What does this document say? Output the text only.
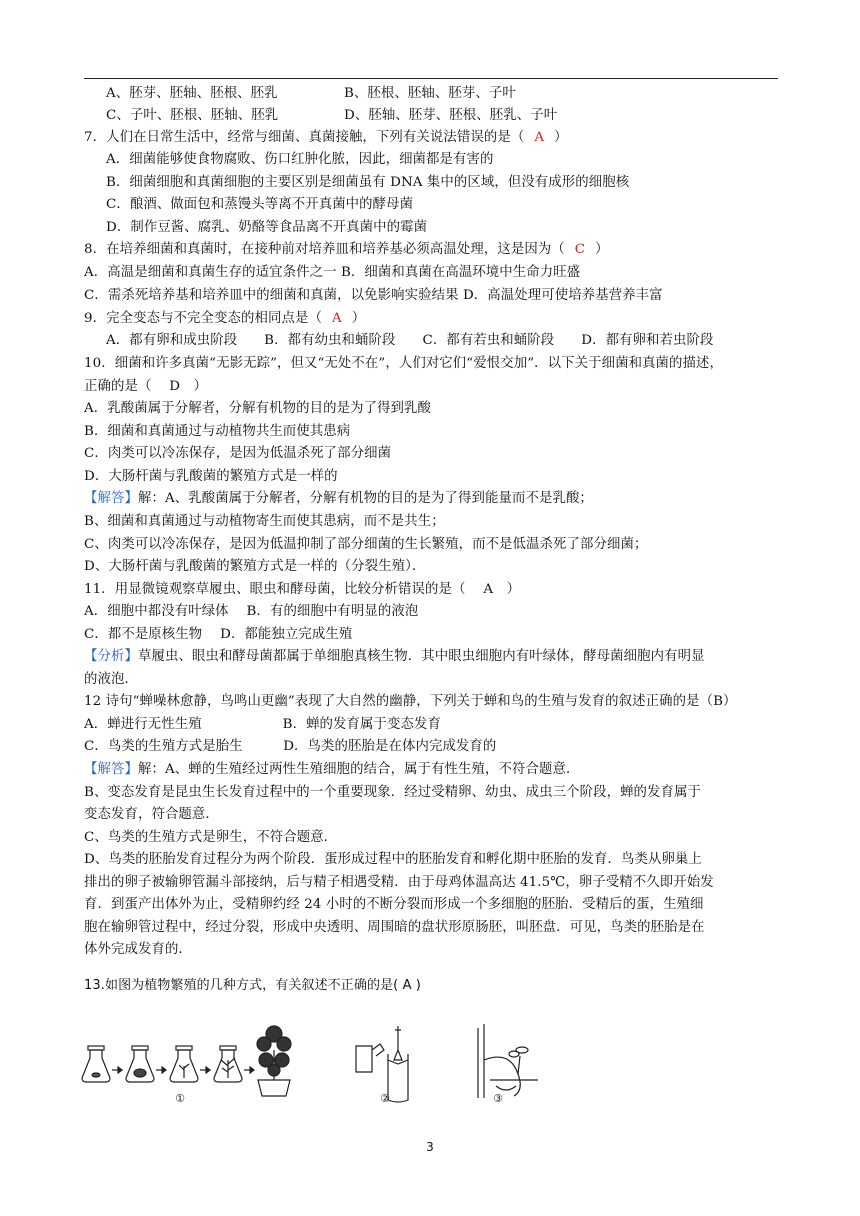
A、胚芽、胚轴、胚根、胚乳	B、胚根、胚轴、胚芽、子叶
C、子叶、胚根、胚轴、胚乳	D、胚轴、胚芽、胚根、胚乳、子叶
7．人们在日常生活中，经常与细菌、真菌接触，下列有关说法错误的是（ A ）
A．细菌能够使食物腐败、伤口红肿化脓，因此，细菌都是有害的
B．细菌细胞和真菌细胞的主要区别是细菌虽有 DNA 集中的区域，但没有成形的细胞核
C．酿酒、做面包和蒸馒头等离不开真菌中的酵母菌
D．制作豆酱、腐乳、奶酪等食品离不开真菌中的霉菌
8．在培养细菌和真菌时，在接种前对培养皿和培养基必须高温处理，这是因为（ C ）
A．高温是细菌和真菌生存的适宜条件之一 B．细菌和真菌在高温环境中生命力旺盛
C．需杀死培养基和培养皿中的细菌和真菌，以免影响实验结果 D．高温处理可使培养基营养丰富
9．完全变态与不完全变态的相同点是（ A ）
A．都有卵和成虫阶段　　B．都有幼虫和蛹阶段　　C．都有若虫和蛹阶段　　D．都有卵和若虫阶段
10．细菌和许多真菌“无影无踪”，但又“无处不在”，人们对它们“爱恨交加”．以下关于细菌和真菌的描述，
正确的是（　 D　）
A．乳酸菌属于分解者，分解有机物的目的是为了得到乳酸
B．细菌和真菌通过与动植物共生而使其患病
C．肉类可以冷冻保存，是因为低温杀死了部分细菌
D．大肠杆菌与乳酸菌的繁殖方式是一样的
【解答】解：A、乳酸菌属于分解者，分解有机物的目的是为了得到能量而不是乳酸；
B、细菌和真菌通过与动植物寄生而使其患病，而不是共生；
C、肉类可以冷冻保存，是因为低温抑制了部分细菌的生长繁殖，而不是低温杀死了部分细菌；
D、大肠杆菌与乳酸菌的繁殖方式是一样的（分裂生殖）．
11．用显微镜观察草履虫、眼虫和酵母菌，比较分析错误的是（　 A　）
A．细胞中都没有叶绿体　 B．有的细胞中有明显的液泡
C．都不是原核生物　 D．都能独立完成生殖
【分析】草履虫、眼虫和酵母菌都属于单细胞真核生物．其中眼虫细胞内有叶绿体，酵母菌细胞内有明显
的液泡．
12 诗句“蝉噪林愈静，鸟鸣山更幽”表现了大自然的幽静，下列关于蝉和鸟的生殖与发育的叙述正确的是（B）
A．蝉进行无性生殖　　　　　　B．蝉的发育属于变态发育
C．鸟类的生殖方式是胎生　　　D．鸟类的胚胎是在体内完成发育的
【解答】解：A、蝉的生殖经过两性生殖细胞的结合，属于有性生殖，不符合题意．
B、变态发育是昆虫生长发育过程中的一个重要现象．经过受精卵、幼虫、成虫三个阶段，蝉的发育属于
变态发育，符合题意．
C、鸟类的生殖方式是卵生，不符合题意．
D、鸟类的胚胎发育过程分为两个阶段．蛋形成过程中的胚胎发育和孵化期中胚胎的发育．鸟类从卵巢上
排出的卵子被输卵管漏斗部接纳，后与精子相遇受精．由于母鸡体温高达 41.5℃，卵子受精不久即开始发
育．到蛋产出体外为止，受精卵约经 24 小时的不断分裂而形成一个多细胞的胚胎．受精后的蛋，生殖细
胞在输卵管过程中，经过分裂，形成中央透明、周围暗的盘状形原肠胚，叫胚盘．可见，鸟类的胚胎是在
体外完成发育的．
13.如图为植物繁殖的几种方式，有关叙述不正确的是( A )
①	②	③
3
